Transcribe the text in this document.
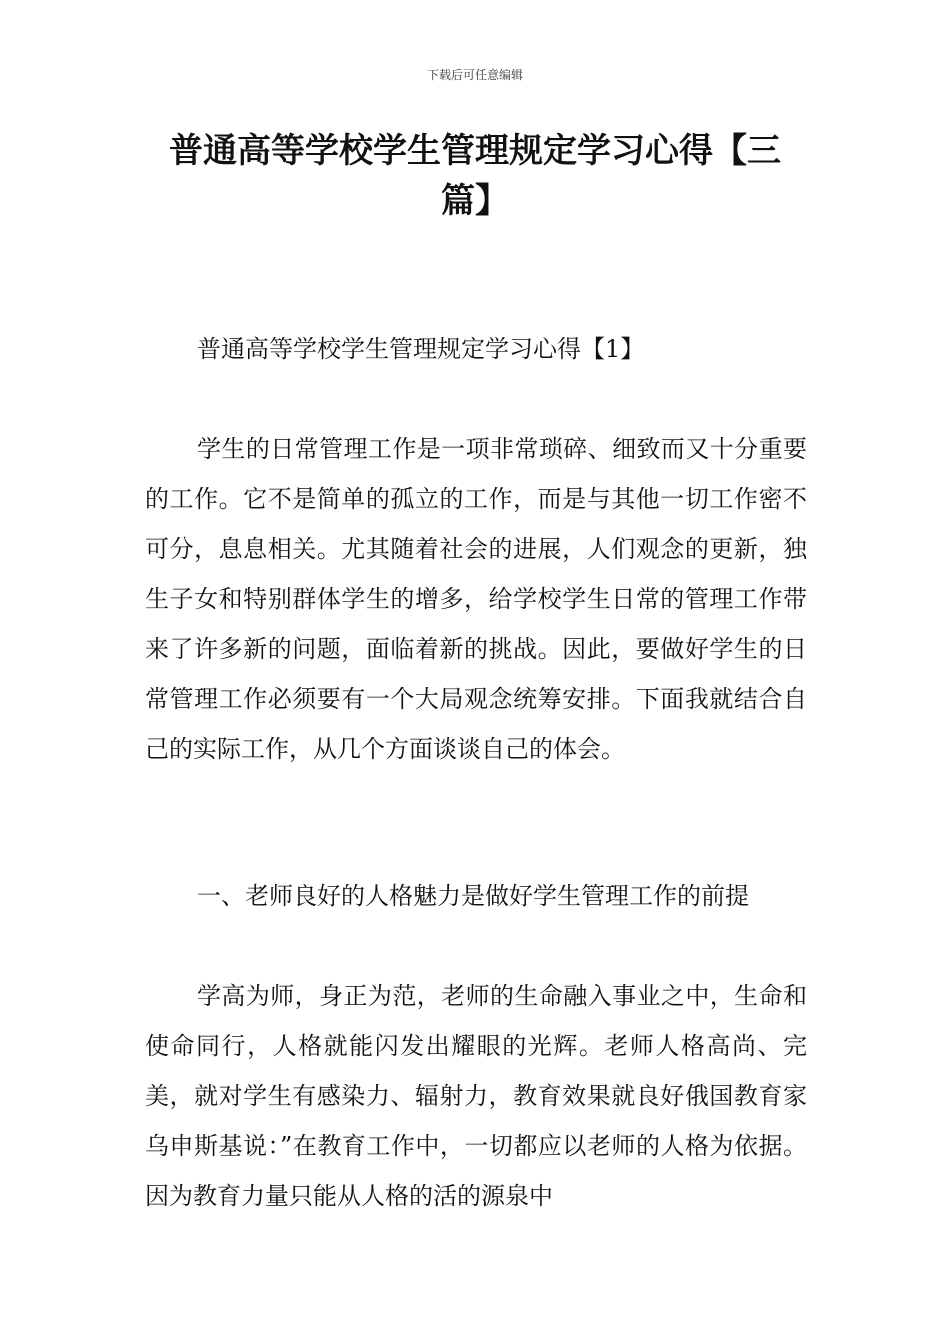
下载后可任意编辑
普通高等学校学生管理规定学习心得【三篇】

普通高等学校学生管理规定学习心得【1】

学生的日常管理工作是一项非常琐碎、细致而又十分重要的工作。它不是简单的孤立的工作，而是与其他一切工作密不可分，息息相关。尤其随着社会的进展，人们观念的更新，独生子女和特别群体学生的增多，给学校学生日常的管理工作带来了许多新的问题，面临着新的挑战。因此，要做好学生的日常管理工作必须要有一个大局观念统筹安排。下面我就结合自己的实际工作，从几个方面谈谈自己的体会。

一、老师良好的人格魅力是做好学生管理工作的前提

学高为师，身正为范，老师的生命融入事业之中，生命和使命同行，人格就能闪发出耀眼的光辉。老师人格高尚、完美，就对学生有感染力、辐射力，教育效果就良好俄国教育家乌申斯基说：”在教育工作中，一切都应以老师的人格为依据。因为教育力量只能从人格的活的源泉中
